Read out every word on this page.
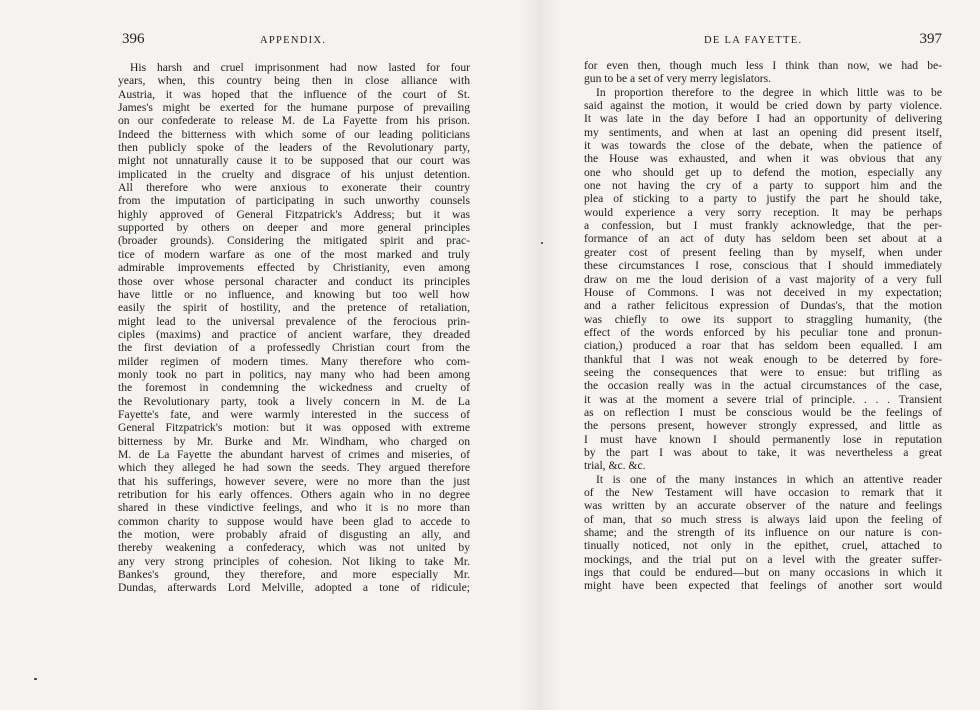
396	APPENDIX.
His harsh and cruel imprisonment had now lasted for four
years, when, this country being then in close alliance with
Austria, it was hoped that the influence of the court of St.
James's might be exerted for the humane purpose of prevailing
on our confederate to release M. de La Fayette from his prison.
Indeed the bitterness with which some of our leading politicians
then publicly spoke of the leaders of the Revolutionary party,
might not unnaturally cause it to be supposed that our court was
implicated in the cruelty and disgrace of his unjust detention.
All therefore who were anxious to exonerate their country
from the imputation of participating in such unworthy counsels
highly approved of General Fitzpatrick's Address; but it was
supported by others on deeper and more general principles
(broader grounds). Considering the mitigated spirit and prac-
tice of modern warfare as one of the most marked and truly
admirable improvements effected by Christianity, even among
those over whose personal character and conduct its principles
have little or no influence, and knowing but too well how
easily the spirit of hostility, and the pretence of retaliation,
might lead to the universal prevalence of the ferocious prin-
ciples (maxims) and practice of ancient warfare, they dreaded
the first deviation of a professedly Christian court from the
milder regimen of modern times. Many therefore who com-
monly took no part in politics, nay many who had been among
the foremost in condemning the wickedness and cruelty of
the Revolutionary party, took a lively concern in M. de La
Fayette's fate, and were warmly interested in the success of
General Fitzpatrick's motion: but it was opposed with extreme
bitterness by Mr. Burke and Mr. Windham, who charged on
M. de La Fayette the abundant harvest of crimes and miseries, of
which they alleged he had sown the seeds. They argued therefore
that his sufferings, however severe, were no more than the just
retribution for his early offences. Others again who in no degree
shared in these vindictive feelings, and who it is no more than
common charity to suppose would have been glad to accede to
the motion, were probably afraid of disgusting an ally, and
thereby weakening a confederacy, which was not united by
any very strong principles of cohesion. Not liking to take Mr.
Bankes's ground, they therefore, and more especially Mr.
Dundas, afterwards Lord Melville, adopted a tone of ridicule;
DE LA FAYETTE.	397
for even then, though much less I think than now, we had be-
gun to be a set of very merry legislators.
In proportion therefore to the degree in which little was to be
said against the motion, it would be cried down by party violence.
It was late in the day before I had an opportunity of delivering
my sentiments, and when at last an opening did present itself,
it was towards the close of the debate, when the patience of
the House was exhausted, and when it was obvious that any
one who should get up to defend the motion, especially any
one not having the cry of a party to support him and the
plea of sticking to a party to justify the part he should take,
would experience a very sorry reception. It may be perhaps
a confession, but I must frankly acknowledge, that the per-
formance of an act of duty has seldom been set about at a
greater cost of present feeling than by myself, when under
these circumstances I rose, conscious that I should immediately
draw on me the loud derision of a vast majority of a very full
House of Commons. I was not deceived in my expectation;
and a rather felicitous expression of Dundas's, that the motion
was chiefly to owe its support to straggling humanity, (the
effect of the words enforced by his peculiar tone and pronun-
ciation,) produced a roar that has seldom been equalled. I am
thankful that I was not weak enough to be deterred by fore-
seeing the consequences that were to ensue: but trifling as
the occasion really was in the actual circumstances of the case,
it was at the moment a severe trial of principle. . . . Transient
as on reflection I must be conscious would be the feelings of
the persons present, however strongly expressed, and little as
I must have known I should permanently lose in reputation
by the part I was about to take, it was nevertheless a great
trial, &c. &c.
It is one of the many instances in which an attentive reader
of the New Testament will have occasion to remark that it
was written by an accurate observer of the nature and feelings
of man, that so much stress is always laid upon the feeling of
shame; and the strength of its influence on our nature is con-
tinually noticed, not only in the epithet, cruel, attached to
mockings, and the trial put on a level with the greater suffer-
ings that could be endured—but on many occasions in which it
might have been expected that feelings of another sort would
